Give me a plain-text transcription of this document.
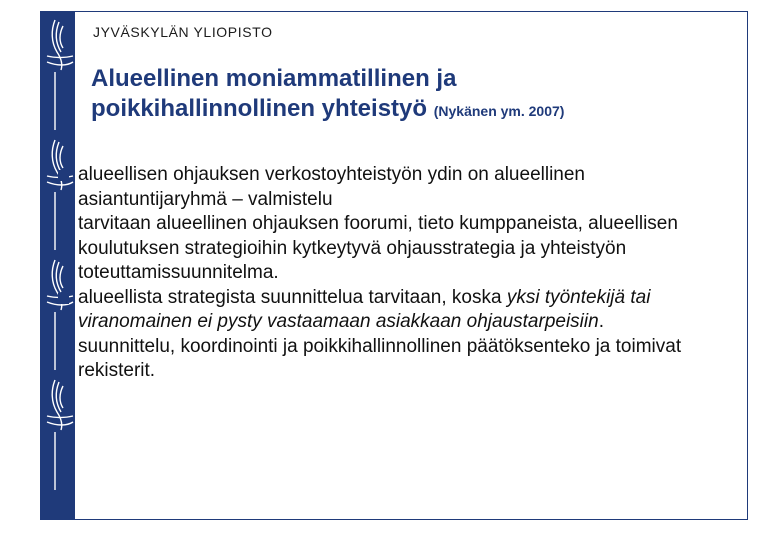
JYVÄSKYLÄN YLIOPISTO
Alueellinen moniammatillinen ja
poikkihallinnollinen yhteistyö (Nykänen ym. 2007)
alueellisen ohjauksen verkostoyhteistyön ydin on alueellinen asiantuntijaryhmä – valmistelu
tarvitaan alueellinen ohjauksen foorumi, tieto kumppaneista, alueellisen koulutuksen strategioihin kytkeytyvä ohjausstrategia ja yhteistyön toteuttamissuunnitelma.
alueellista strategista suunnittelua tarvitaan, koska yksi työntekijä tai viranomainen ei pysty vastaamaan asiakkaan ohjaustarpeisiin.
suunnittelu, koordinointi ja poikkihallinnollinen päätöksenteko ja toimivat rekisterit.
